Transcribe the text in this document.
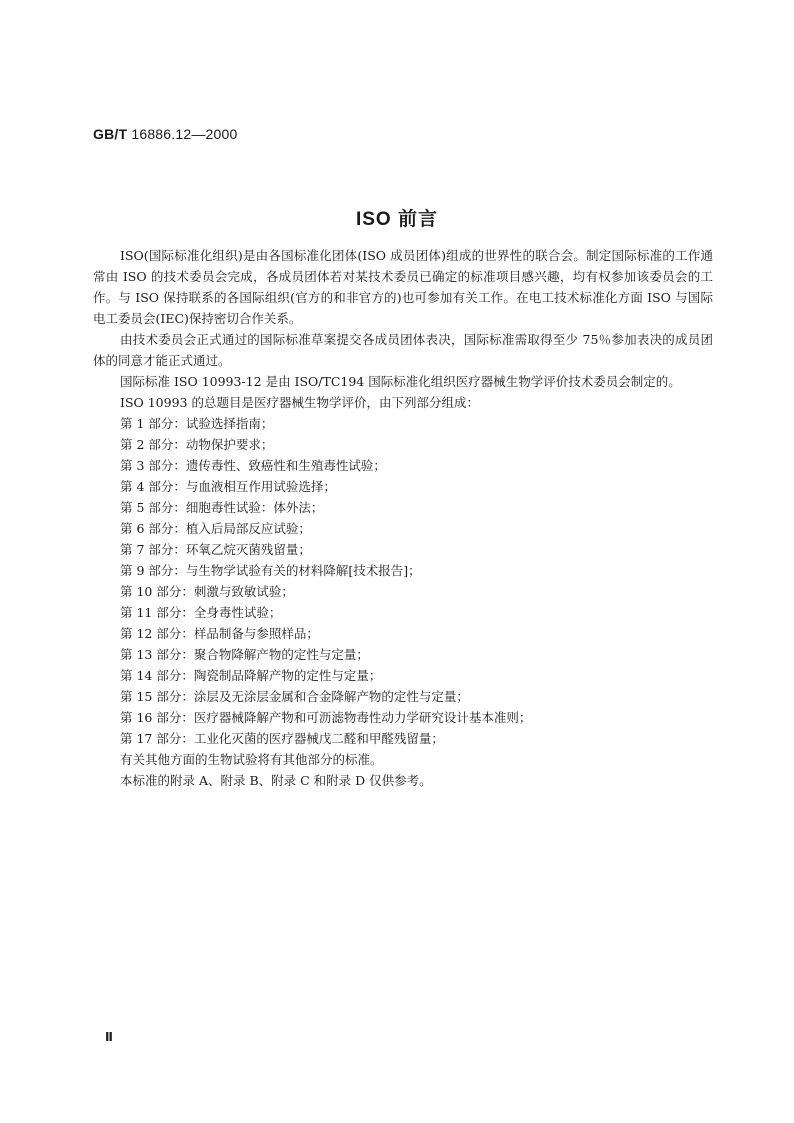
GB/T 16886.12—2000
ISO 前言

ISO(国际标准化组织)是由各国标准化团体(ISO 成员团体)组成的世界性的联合会。制定国际标准的工作通常由 ISO 的技术委员会完成，各成员团体若对某技术委员已确定的标准项目感兴趣，均有权参加该委员会的工作。与 ISO 保持联系的各国际组织(官方的和非官方的)也可参加有关工作。在电工技术标准化方面 ISO 与国际电工委员会(IEC)保持密切合作关系。

由技术委员会正式通过的国际标准草案提交各成员团体表决，国际标准需取得至少 75％参加表决的成员团体的同意才能正式通过。

国际标准 ISO 10993-12 是由 ISO/TC194 国际标准化组织医疗器械生物学评价技术委员会制定的。

ISO 10993 的总题目是医疗器械生物学评价，由下列部分组成：

第 1 部分：试验选择指南；

第 2 部分：动物保护要求；

第 3 部分：遗传毒性、致癌性和生殖毒性试验；

第 4 部分：与血液相互作用试验选择；

第 5 部分：细胞毒性试验：体外法；

第 6 部分：植入后局部反应试验；

第 7 部分：环氧乙烷灭菌残留量；

第 9 部分：与生物学试验有关的材料降解[技术报告]；

第 10 部分：刺激与致敏试验；

第 11 部分：全身毒性试验；

第 12 部分：样品制备与参照样品；

第 13 部分：聚合物降解产物的定性与定量；

第 14 部分：陶瓷制品降解产物的定性与定量；

第 15 部分：涂层及无涂层金属和合金降解产物的定性与定量；

第 16 部分：医疗器械降解产物和可沥滤物毒性动力学研究设计基本准则；

第 17 部分：工业化灭菌的医疗器械戊二醛和甲醛残留量；

有关其他方面的生物试验将有其他部分的标准。

本标准的附录 A、附录 B、附录 C 和附录 D 仅供参考。

Ⅱ
